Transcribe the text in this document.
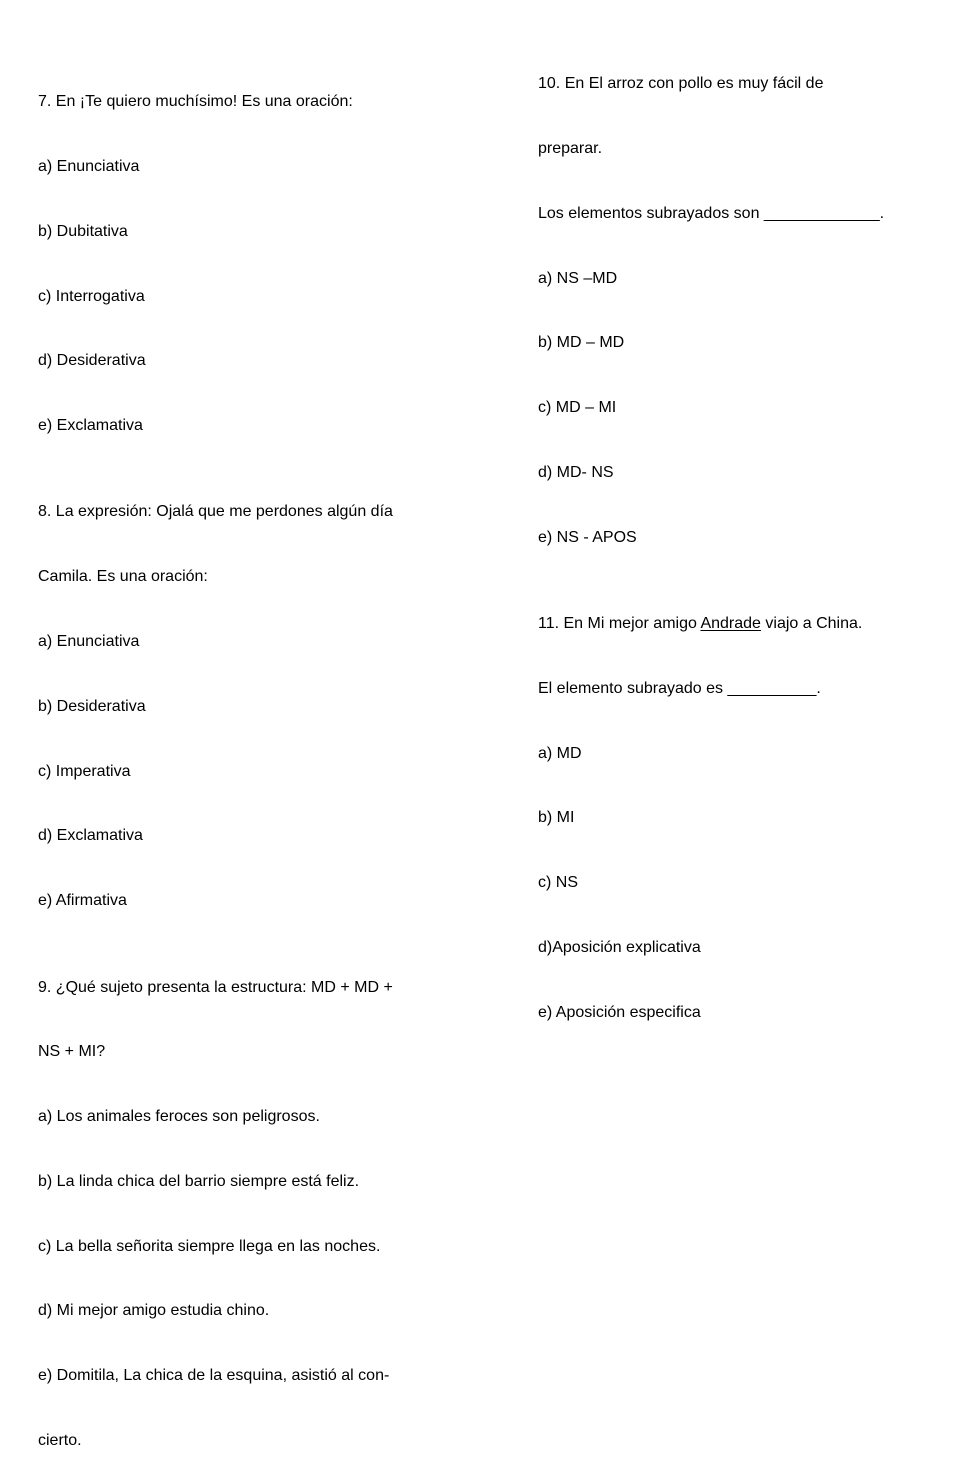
7. En ¡Te quiero muchísimo! Es una oración:

a) Enunciativa

b) Dubitativa

c) Interrogativa

d) Desiderativa

e) Exclamativa

8. La expresión: Ojalá que me perdones algún día

Camila. Es una oración:

a) Enunciativa

b) Desiderativa

c) Imperativa

d) Exclamativa

e) Afirmativa

9. ¿Qué sujeto presenta la estructura: MD + MD +

NS + MI?

a) Los animales feroces son peligrosos.

b) La linda chica del barrio siempre está feliz.

c) La bella señorita siempre llega en las noches.

d) Mi mejor amigo estudia chino.

e) Domitila, La chica de la esquina, asistió al con-

cierto.

10. En El arroz con pollo es muy fácil de

preparar.

Los elementos subrayados son _____________.

a) NS –MD

b) MD – MD

c) MD – MI

d) MD- NS

e) NS - APOS

11. En Mi mejor amigo Andrade viajo a China.

El elemento subrayado es __________.

a) MD

b) MI

c) NS

d)Aposición explicativa

e) Aposición especifica
